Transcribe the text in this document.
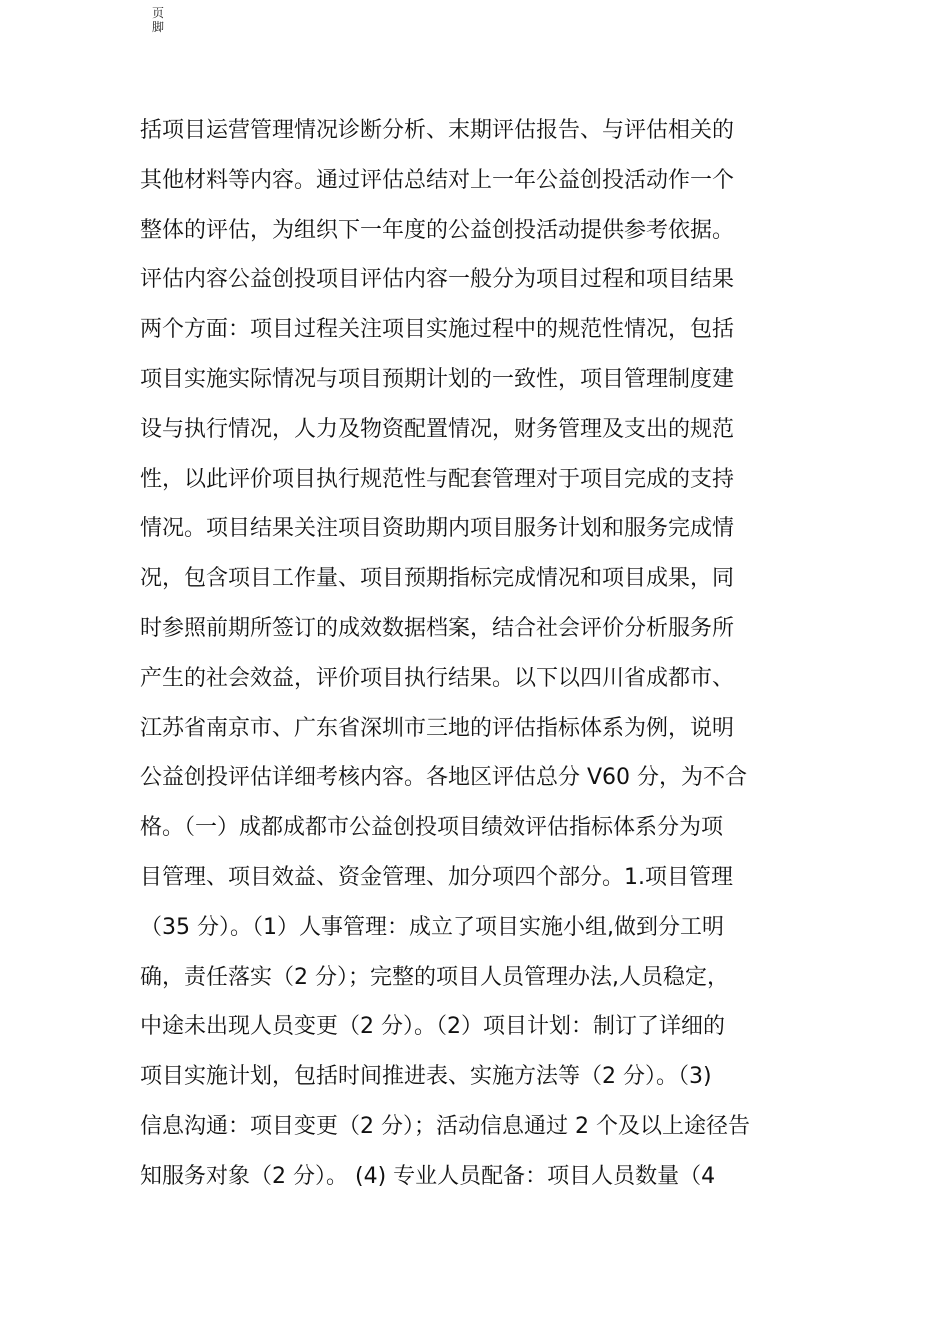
页
脚
括项目运营管理情况诊断分析、末期评估报告、与评估相关的
其他材料等内容。通过评估总结对上一年公益创投活动作一个
整体的评估，为组织下一年度的公益创投活动提供参考依据。
评估内容公益创投项目评估内容一般分为项目过程和项目结果
两个方面：项目过程关注项目实施过程中的规范性情况，包括
项目实施实际情况与项目预期计划的一致性，项目管理制度建
设与执行情况，人力及物资配置情况，财务管理及支出的规范
性，以此评价项目执行规范性与配套管理对于项目完成的支持
情况。项目结果关注项目资助期内项目服务计划和服务完成情
况，包含项目工作量、项目预期指标完成情况和项目成果，同
时参照前期所签订的成效数据档案，结合社会评价分析服务所
产生的社会效益，评价项目执行结果。以下以四川省成都市、
江苏省南京市、广东省深圳市三地的评估指标体系为例，说明
公益创投评估详细考核内容。各地区评估总分 V60 分，为不合
格。（一）成都成都市公益创投项目绩效评估指标体系分为项
目管理、项目效益、资金管理、加分项四个部分。1.项目管理
（35 分）。（1）人事管理：成立了项目实施小组,做到分工明
确，责任落实（2 分）；完整的项目人员管理办法,人员稳定，
中途未出现人员变更（2 分）。（2）项目计划：制订了详细的
项目实施计划，包括时间推进表、实施方法等（2 分）。（3)
信息沟通：项目变更（2 分）；活动信息通过 2 个及以上途径告
知服务对象（2 分）。 (4) 专业人员配备：项目人员数量（4
